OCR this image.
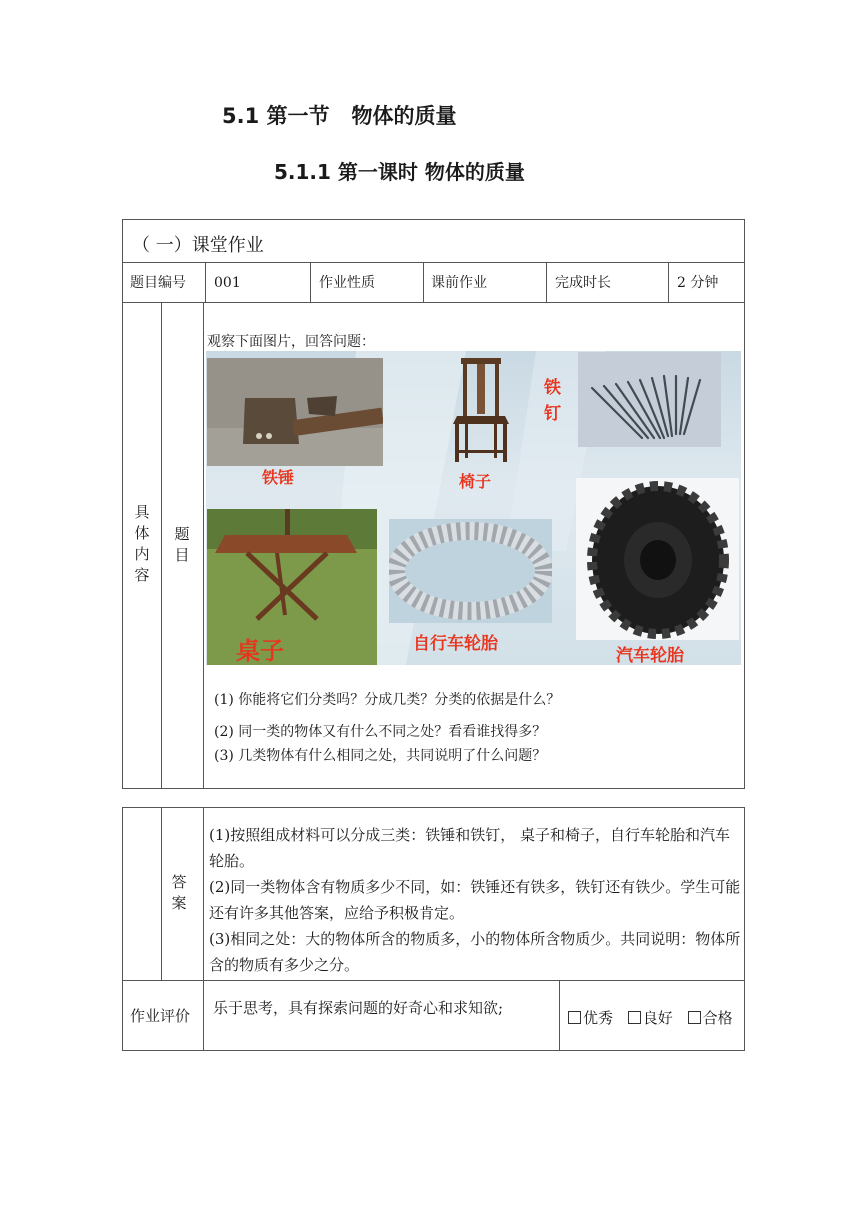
5.1 第一节   物体的质量
5.1.1 第一课时 物体的质量
（ 一）课堂作业
题目编号 001	作业性质	课前作业	完成时长	2 分钟
具体内容
题目
观察下面图片，回答问题：
铁锤	椅子
铁钉
桌子	自行车轮胎
汽车轮胎
(1) 你能将它们分类吗？分成几类？分类的依据是什么？
(2) 同一类的物体又有什么不同之处？看看谁找得多？
(3) 几类物体有什么相同之处，共同说明了什么问题？
答案

(1)按照组成材料可以分成三类：铁锤和铁钉， 桌子和椅子，自行车轮胎和汽车轮胎。

(2)同一类物体含有物质多少不同，如：铁锤还有铁多，铁钉还有铁少。学生可能还有许多其他答案，应给予积极肯定。

(3)相同之处：大的物体所含的物质多，小的物体所含物质少。共同说明：物体所含的物质有多少之分。

作业评价 乐于思考，具有探索问题的好奇心和求知欲;
优秀 良好 合格
